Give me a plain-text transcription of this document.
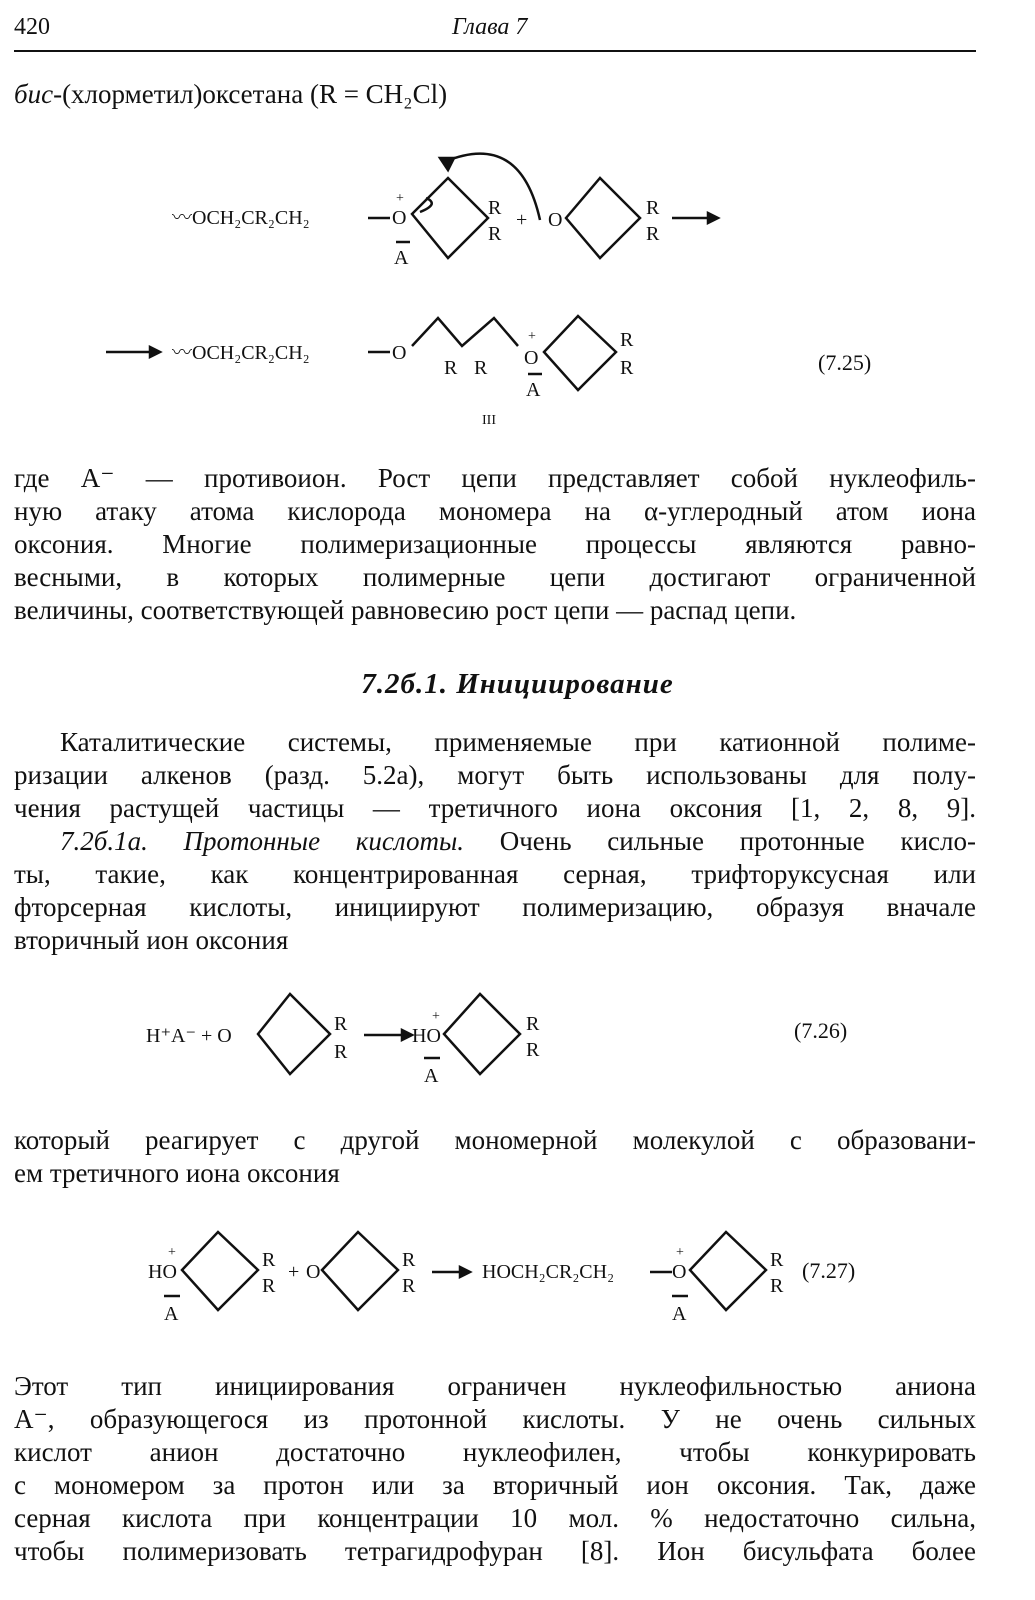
420	Глава 7
бис-(хлорметил)оксетана (R = CH₂Cl)
〰OCH₂CR₂CH₂	O
+
A
R
R
+ O
R
R
〰OCH₂CR₂CH₂	O
R R O
+
A
R
R
III
(7.25)
где A⁻ — противоион. Рост цепи представляет собой нуклеофиль-
ную атаку атома кислорода мономера на α-углеродный атом иона
оксония. Многие полимеризационные процессы являются равно-
весными, в которых полимерные цепи достигают ограниченной
величины, соответствующей равновесию рост цепи — распад цепи.
7.2б.1. Инициирование
Каталитические системы, применяемые при катионной полиме-
ризации алкенов (разд. 5.2а), могут быть использованы для полу-
чения растущей частицы — третичного иона оксония [1, 2, 8, 9].
7.2б.1а. Протонные кислоты. Очень сильные протонные кисло-
ты, такие, как концентрированная серная, трифторуксусная или
фторсерная кислоты, инициируют полимеризацию, образуя вначале
вторичный ион оксония
H⁺A⁻ + O
R
R
HO
+
A
R
R
(7.26)
который реагирует с другой мономерной молекулой с образовани-
ем третичного иона оксония
HO
+
A
R
R
+ O
R
R
HOCH₂CR₂CH₂	O
+
A
R
R
(7.27)
Этот тип инициирования ограничен нуклеофильностью аниона
A⁻, образующегося из протонной кислоты. У не очень сильных
кислот анион достаточно нуклеофилен, чтобы конкурировать
с мономером за протон или за вторичный ион оксония. Так, даже
серная кислота при концентрации 10 мол. % недостаточно сильна,
чтобы полимеризовать тетрагидрофуран [8]. Ион бисульфата более
